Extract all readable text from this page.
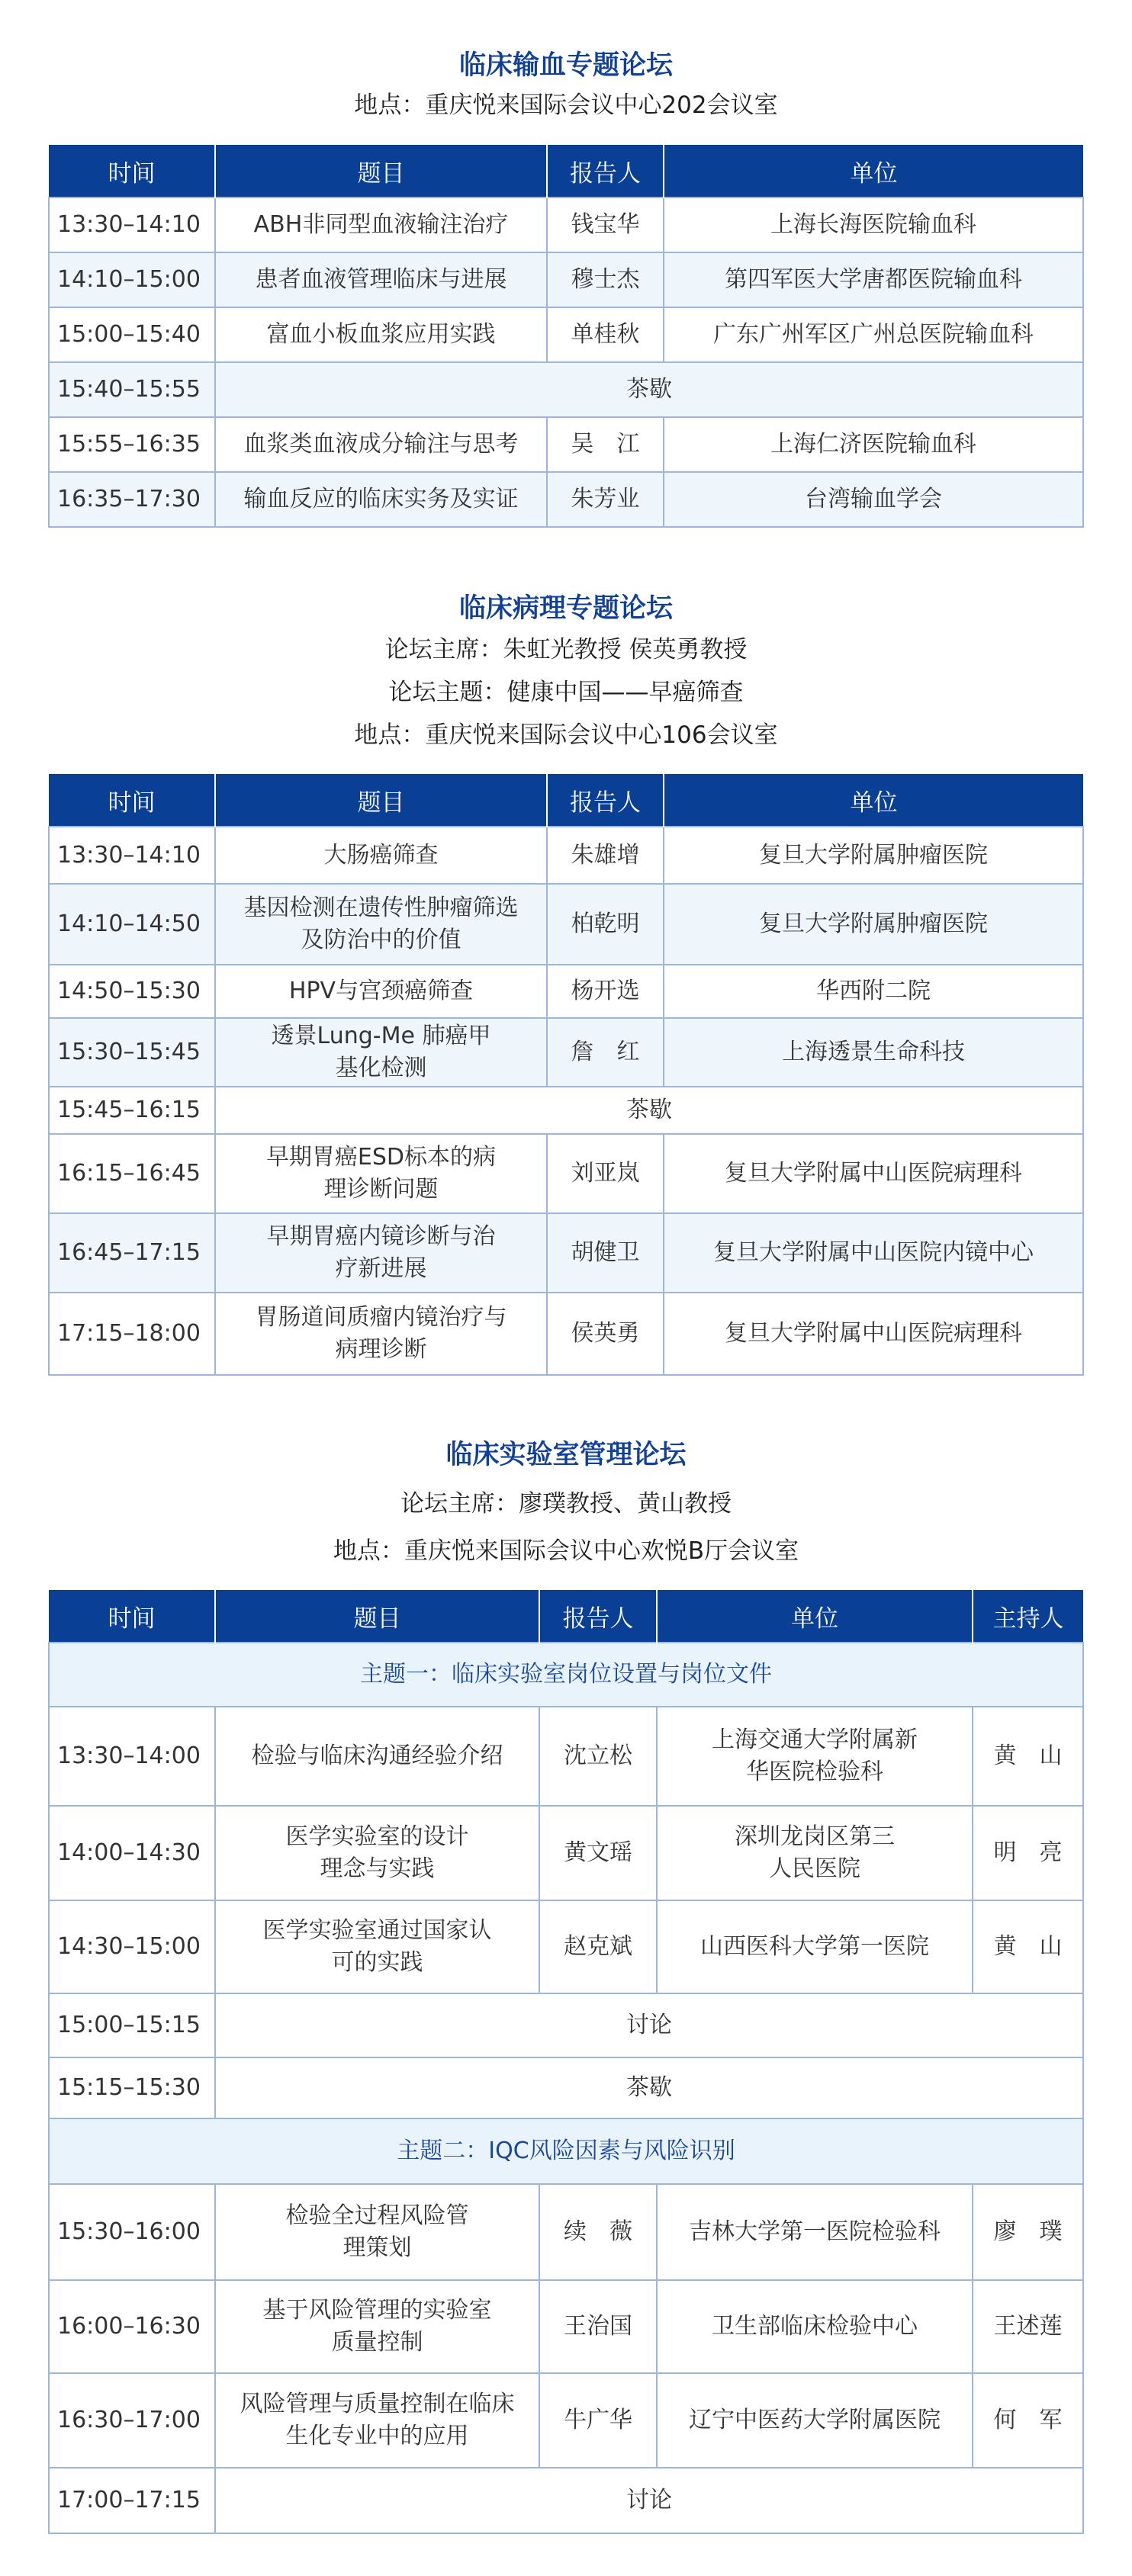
临床输血专题论坛
地点：重庆悦来国际会议中心202会议室
时间	题目	报告人	单位
13:30–14:10	ABH非同型血液输注治疗	钱宝华	上海长海医院输血科
14:10–15:00	患者血液管理临床与进展	穆士杰	第四军医大学唐都医院输血科
15:00–15:40	富血小板血浆应用实践	单桂秋	广东广州军区广州总医院输血科
15:40–15:55	茶歇		
15:55–16:35	血浆类血液成分输注与思考	吴　江	上海仁济医院输血科
16:35–17:30	输血反应的临床实务及实证	朱芳业	台湾输血学会
临床病理专题论坛
论坛主席：朱虹光教授 侯英勇教授
论坛主题：健康中国——早癌筛查
地点：重庆悦来国际会议中心106会议室
时间	题目	报告人	单位
13:30–14:10	大肠癌筛查	朱雄增	复旦大学附属肿瘤医院
14:10–14:50	基因检测在遗传性肿瘤筛选及防治中的价值	柏乾明	复旦大学附属肿瘤医院
14:50–15:30	HPV与宫颈癌筛查	杨开选	华西附二院
15:30–15:45	透景Lung-Me 肺癌甲基化检测	詹　红	上海透景生命科技
15:45–16:15	茶歇		
16:15–16:45	早期胃癌ESD标本的病理诊断问题	刘亚岚	复旦大学附属中山医院病理科
16:45–17:15	早期胃癌内镜诊断与治疗新进展	胡健卫	复旦大学附属中山医院内镜中心
17:15–18:00	胃肠道间质瘤内镜治疗与病理诊断	侯英勇	复旦大学附属中山医院病理科
临床实验室管理论坛
论坛主席：廖璞教授、黄山教授
地点：重庆悦来国际会议中心欢悦B厅会议室
时间	题目	报告人	单位	主持人
主题一：临床实验室岗位设置与岗位文件				
13:30–14:00	检验与临床沟通经验介绍	沈立松	上海交通大学附属新华医院检验科	黄　山
14:00–14:30	医学实验室的设计理念与实践	黄文瑶	深圳龙岗区第三人民医院	明　亮
14:30–15:00	医学实验室通过国家认可的实践	赵克斌	山西医科大学第一医院	黄　山
15:00–15:15	讨论			
15:15–15:30	茶歇			
主题二：IQC风险因素与风险识别				
15:30–16:00	检验全过程风险管理策划	续　薇	吉林大学第一医院检验科	廖　璞
16:00–16:30	基于风险管理的实验室质量控制	王治国	卫生部临床检验中心	王述莲
16:30–17:00	风险管理与质量控制在临床生化专业中的应用	牛广华	辽宁中医药大学附属医院	何　军
17:00–17:15	讨论			
